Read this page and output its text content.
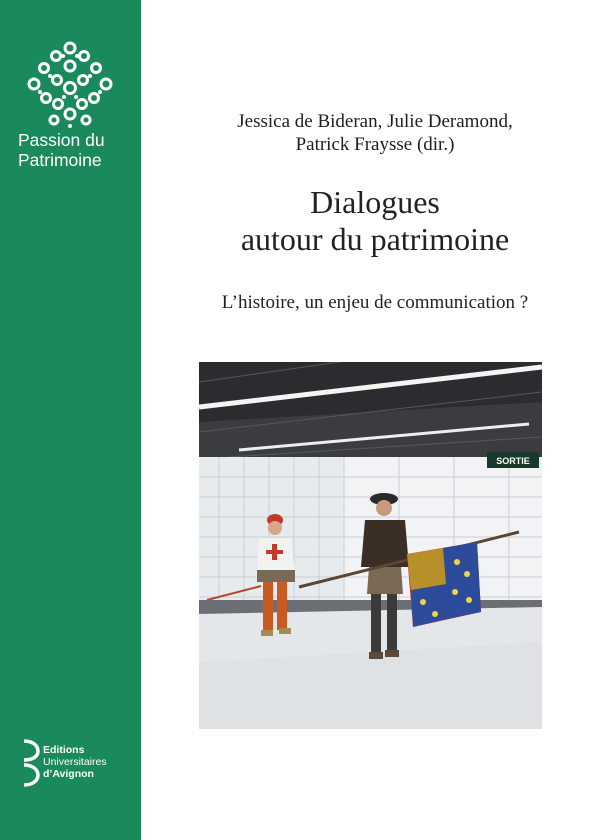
Passion du
Patrimoine
Editions
Universitaires
d’Avignon
Jessica de Bideran, Julie Deramond,
Patrick Fraysse (dir.)
Dialogues
autour du patrimoine
L’histoire, un enjeu de communication ?
SORTIE
